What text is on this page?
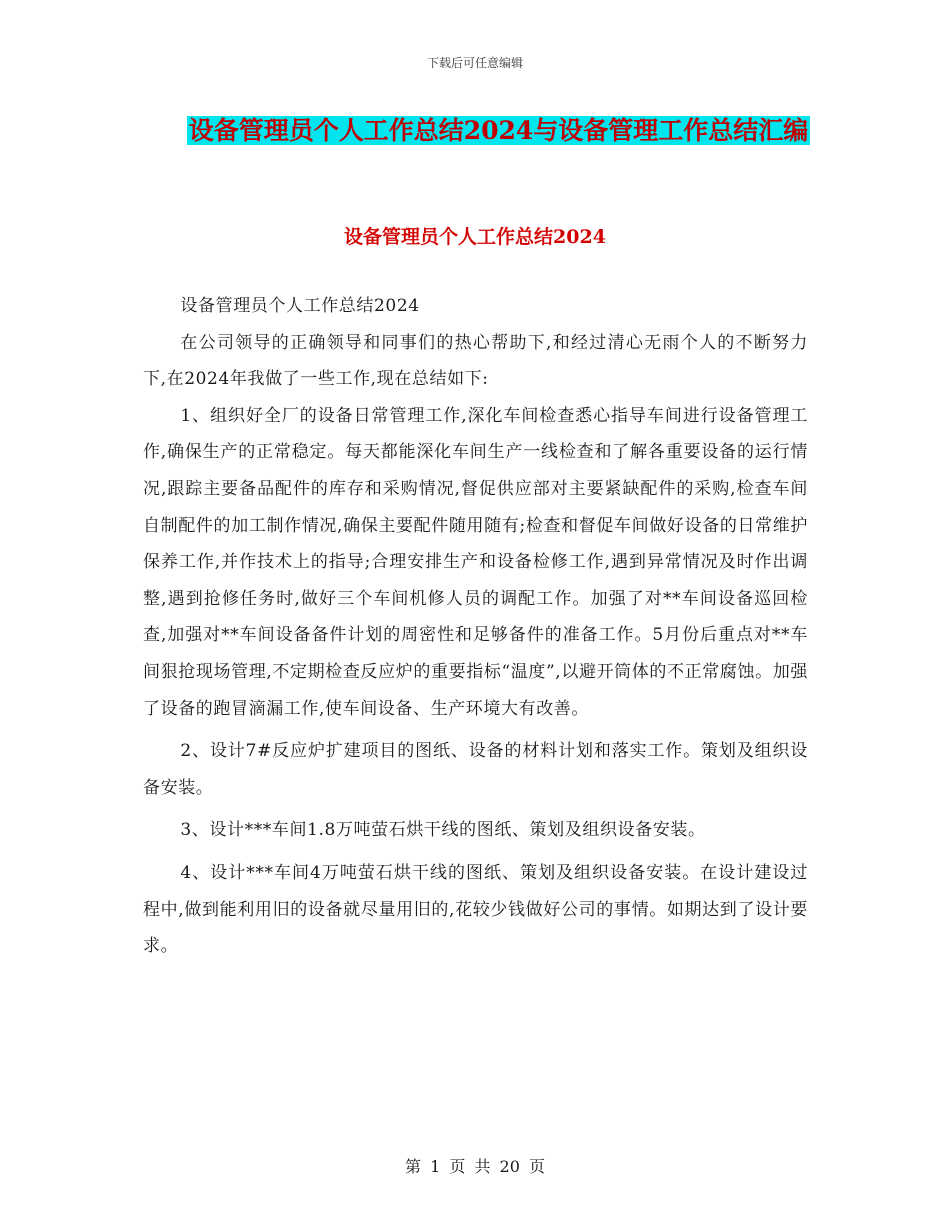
下载后可任意编辑
设备管理员个人工作总结2024与设备管理工作总结汇编
设备管理员个人工作总结2024

设备管理员个人工作总结2024

在公司领导的正确领导和同事们的热心帮助下,和经过清心无雨个人的不断努力下,在2024年我做了一些工作,现在总结如下:

1、组织好全厂的设备日常管理工作,深化车间检查悉心指导车间进行设备管理工作,确保生产的正常稳定。每天都能深化车间生产一线检查和了解各重要设备的运行情况,跟踪主要备品配件的库存和采购情况,督促供应部对主要紧缺配件的采购,检查车间自制配件的加工制作情况,确保主要配件随用随有;检查和督促车间做好设备的日常维护保养工作,并作技术上的指导;合理安排生产和设备检修工作,遇到异常情况及时作出调整,遇到抢修任务时,做好三个车间机修人员的调配工作。加强了对**车间设备巡回检查,加强对**车间设备备件计划的周密性和足够备件的准备工作。5月份后重点对**车间狠抢现场管理,不定期检查反应炉的重要指标“温度”,以避开筒体的不正常腐蚀。加强了设备的跑冒滴漏工作,使车间设备、生产环境大有改善。

2、设计7#反应炉扩建项目的图纸、设备的材料计划和落实工作。策划及组织设备安装。

3、设计***车间1.8万吨萤石烘干线的图纸、策划及组织设备安装。

4、设计***车间4万吨萤石烘干线的图纸、策划及组织设备安装。在设计建设过程中,做到能利用旧的设备就尽量用旧的,花较少钱做好公司的事情。如期达到了设计要求。

第 1 页 共 20 页
